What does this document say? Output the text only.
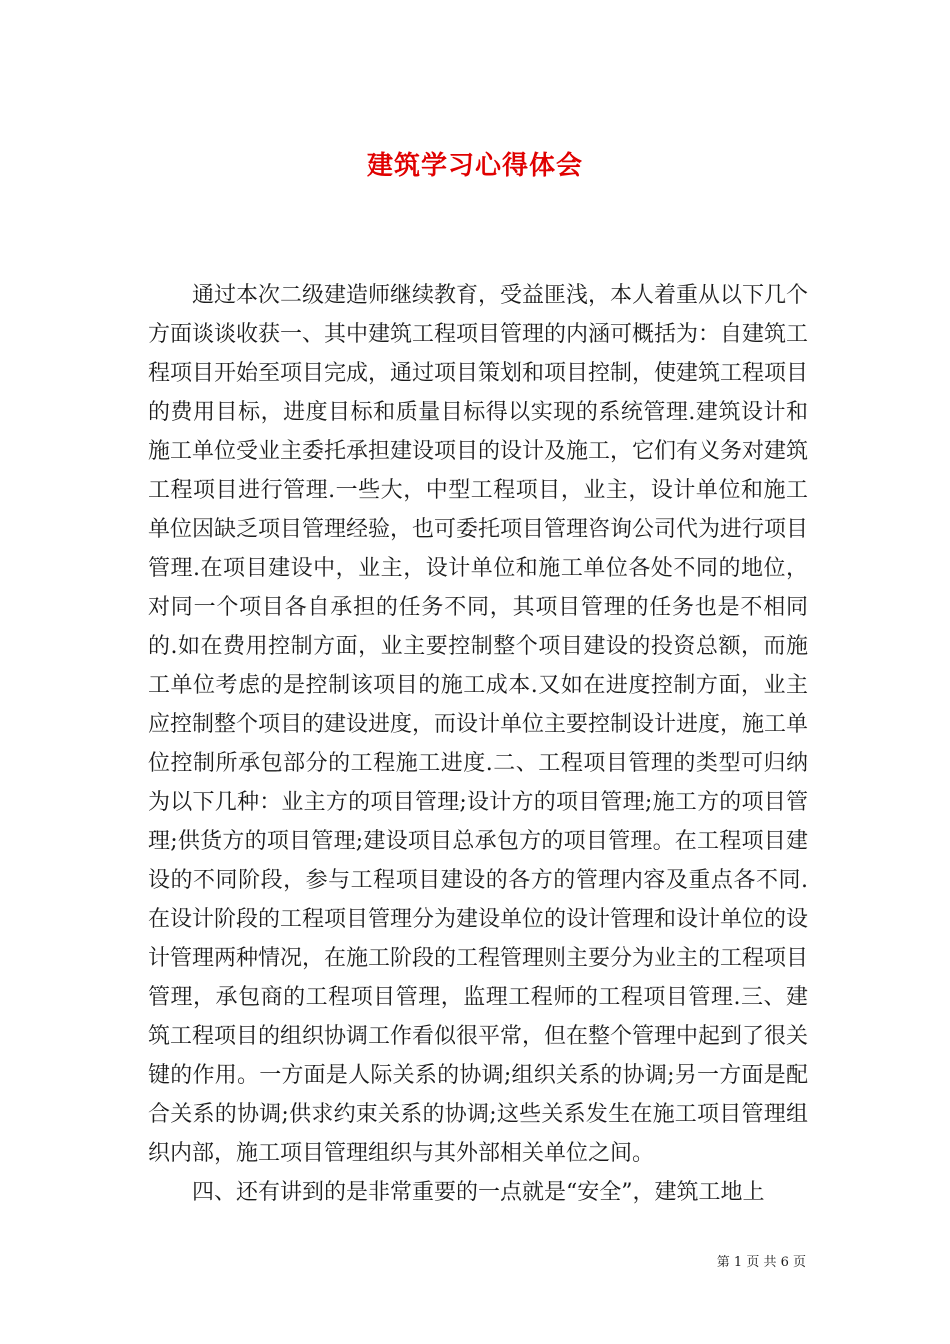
建筑学习心得体会

通过本次二级建造师继续教育，受益匪浅，本人着重从以下几个方面谈谈收获一、其中建筑工程项目管理的内涵可概括为：自建筑工程项目开始至项目完成，通过项目策划和项目控制，使建筑工程项目的费用目标，进度目标和质量目标得以实现的系统管理.建筑设计和施工单位受业主委托承担建设项目的设计及施工，它们有义务对建筑工程项目进行管理.一些大，中型工程项目，业主，设计单位和施工单位因缺乏项目管理经验，也可委托项目管理咨询公司代为进行项目管理.在项目建设中，业主，设计单位和施工单位各处不同的地位，对同一个项目各自承担的任务不同，其项目管理的任务也是不相同的.如在费用控制方面，业主要控制整个项目建设的投资总额，而施工单位考虑的是控制该项目的施工成本.又如在进度控制方面，业主应控制整个项目的建设进度，而设计单位主要控制设计进度，施工单位控制所承包部分的工程施工进度.二、工程项目管理的类型可归纳为以下几种：业主方的项目管理;设计方的项目管理;施工方的项目管理;供货方的项目管理;建设项目总承包方的项目管理。在工程项目建设的不同阶段，参与工程项目建设的各方的管理内容及重点各不同.在设计阶段的工程项目管理分为建设单位的设计管理和设计单位的设计管理两种情况，在施工阶段的工程管理则主要分为业主的工程项目管理，承包商的工程项目管理，监理工程师的工程项目管理.三、建筑工程项目的组织协调工作看似很平常，但在整个管理中起到了很关键的作用。一方面是人际关系的协调;组织关系的协调;另一方面是配合关系的协调;供求约束关系的协调;这些关系发生在施工项目管理组织内部，施工项目管理组织与其外部相关单位之间。

四、还有讲到的是非常重要的一点就是“安全”，建筑工地上

第 1 页 共 6 页
